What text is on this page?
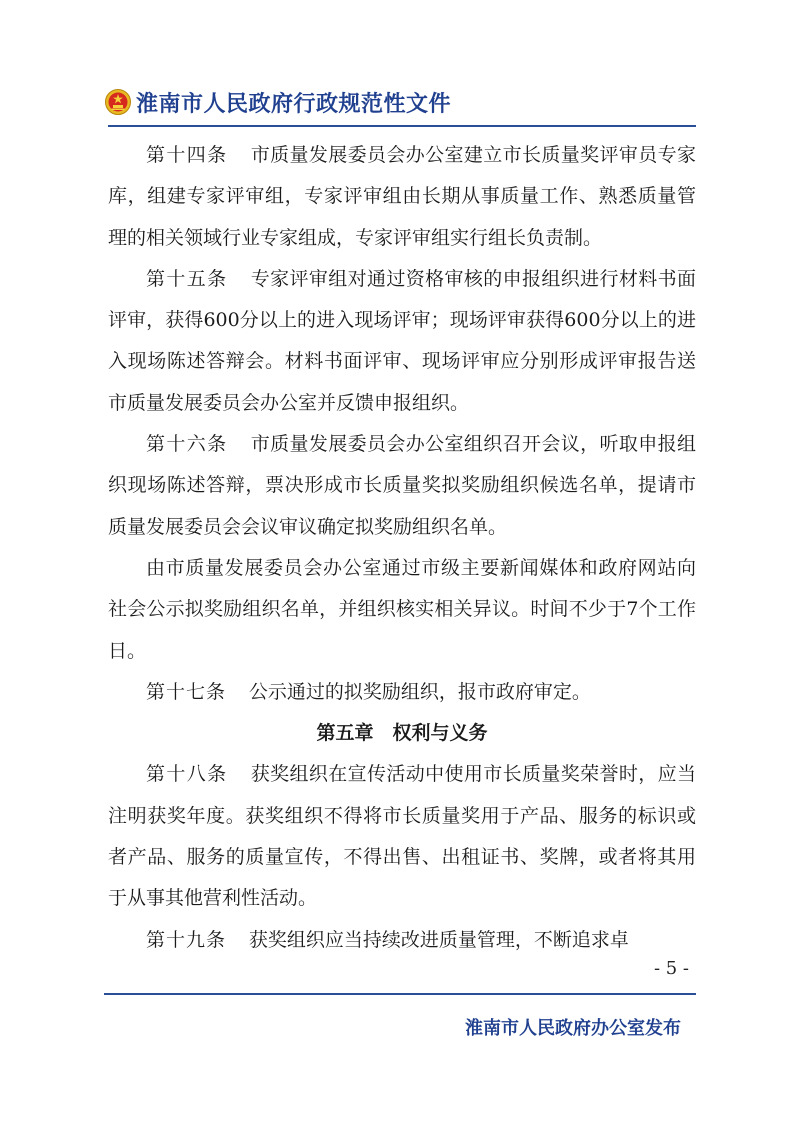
淮南市人民政府行政规范性文件

第十四条 市质量发展委员会办公室建立市长质量奖评审员专家库，组建专家评审组，专家评审组由长期从事质量工作、熟悉质量管理的相关领域行业专家组成，专家评审组实行组长负责制。

第十五条 专家评审组对通过资格审核的申报组织进行材料书面评审，获得600分以上的进入现场评审；现场评审获得600分以上的进入现场陈述答辩会。材料书面评审、现场评审应分别形成评审报告送市质量发展委员会办公室并反馈申报组织。

第十六条 市质量发展委员会办公室组织召开会议，听取申报组织现场陈述答辩，票决形成市长质量奖拟奖励组织候选名单，提请市质量发展委员会会议审议确定拟奖励组织名单。

由市质量发展委员会办公室通过市级主要新闻媒体和政府网站向社会公示拟奖励组织名单，并组织核实相关异议。时间不少于7个工作日。

第十七条 公示通过的拟奖励组织，报市政府审定。

第五章 权利与义务

第十八条 获奖组织在宣传活动中使用市长质量奖荣誉时，应当注明获奖年度。获奖组织不得将市长质量奖用于产品、服务的标识或者产品、服务的质量宣传，不得出售、出租证书、奖牌，或者将其用于从事其他营利性活动。

第十九条 获奖组织应当持续改进质量管理，不断追求卓

- 5 -
淮南市人民政府办公室发布
